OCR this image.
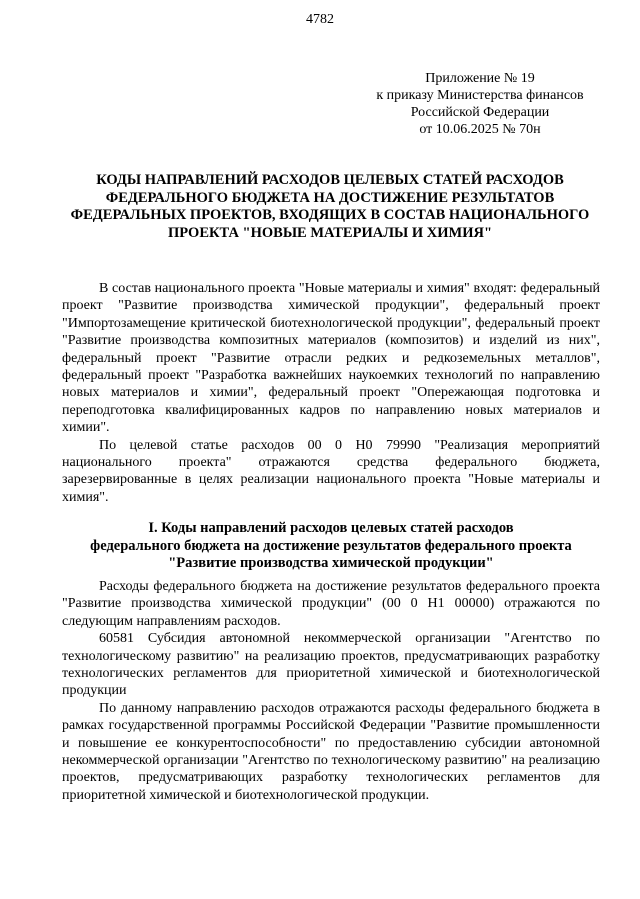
4782
Приложение № 19
к приказу Министерства финансов
Российской Федерации
от 10.06.2025 № 70н
КОДЫ НАПРАВЛЕНИЙ РАСХОДОВ ЦЕЛЕВЫХ СТАТЕЙ РАСХОДОВ ФЕДЕРАЛЬНОГО БЮДЖЕТА НА ДОСТИЖЕНИЕ РЕЗУЛЬТАТОВ ФЕДЕРАЛЬНЫХ ПРОЕКТОВ, ВХОДЯЩИХ В СОСТАВ НАЦИОНАЛЬНОГО ПРОЕКТА "НОВЫЕ МАТЕРИАЛЫ И ХИМИЯ"

В состав национального проекта "Новые материалы и химия" входят: федеральный проект "Развитие производства химической продукции", федеральный проект "Импортозамещение критической биотехнологической продукции", федеральный проект "Развитие производства композитных материалов (композитов) и изделий из них", федеральный проект "Развитие отрасли редких и редкоземельных металлов", федеральный проект "Разработка важнейших наукоемких технологий по направлению новых материалов и химии", федеральный проект "Опережающая подготовка и переподготовка квалифицированных кадров по направлению новых материалов и химии".

По целевой статье расходов 00 0 Н0 79990 "Реализация мероприятий национального проекта" отражаются средства федерального бюджета, зарезервированные в целях реализации национального проекта "Новые материалы и химия".

I. Коды направлений расходов целевых статей расходов
федерального бюджета на достижение результатов федерального проекта
"Развитие производства химической продукции"

Расходы федерального бюджета на достижение результатов федерального проекта "Развитие производства химической продукции" (00 0 Н1 00000) отражаются по следующим направлениям расходов.

60581 Субсидия автономной некоммерческой организации "Агентство по технологическому развитию" на реализацию проектов, предусматривающих разработку технологических регламентов для приоритетной химической и биотехнологической продукции

По данному направлению расходов отражаются расходы федерального бюджета в рамках государственной программы Российской Федерации "Развитие промышленности и повышение ее конкурентоспособности" по предоставлению субсидии автономной некоммерческой организации "Агентство по технологическому развитию" на реализацию проектов, предусматривающих разработку технологических регламентов для приоритетной химической и биотехнологической продукции.
